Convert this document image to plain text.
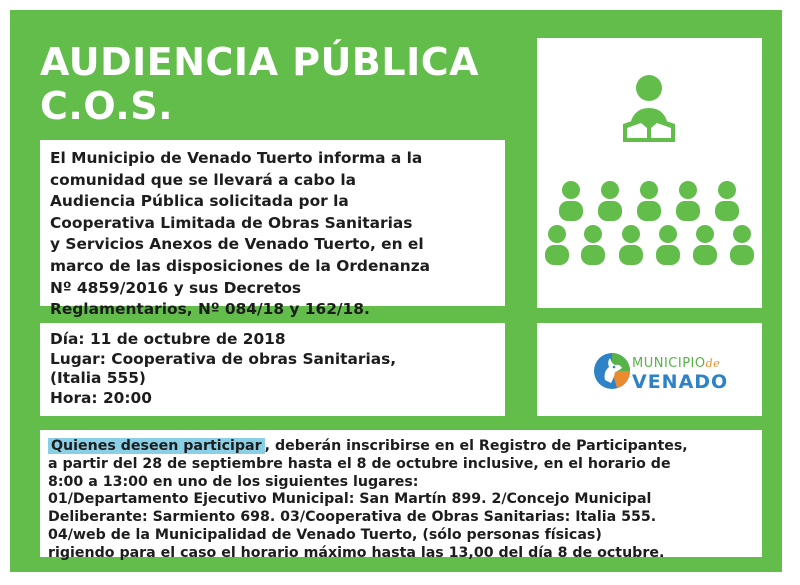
AUDIENCIA PÚBLICA
C.O.S.
El Municipio de Venado Tuerto informa a la
comunidad que se llevará a cabo la
Audiencia Pública solicitada por la
Cooperativa Limitada de Obras Sanitarias
y Servicios Anexos de Venado Tuerto, en el
marco de las disposiciones de la Ordenanza
Nº 4859/2016 y sus Decretos
Reglamentarios, Nº 084/18 y 162/18.
Día: 11 de octubre de 2018
Lugar: Cooperativa de obras Sanitarias,
(Italia 555)
Hora: 20:00
Quienes deseen participar , deberán inscribirse en el Registro de Participantes,
a partir del 28 de septiembre hasta el 8 de octubre inclusive, en el horario de
8:00 a 13:00 en uno de los siguientes lugares:
01/Departamento Ejecutivo Municipal: San Martín 899. 2/Concejo Municipal
Deliberante: Sarmiento 698. 03/Cooperativa de Obras Sanitarias: Italia 555.
04/web de la Municipalidad de Venado Tuerto, (sólo personas físicas)
rigiendo para el caso el horario máximo hasta las 13,00 del día 8 de octubre.
MUNICIPIOde
VENADO
